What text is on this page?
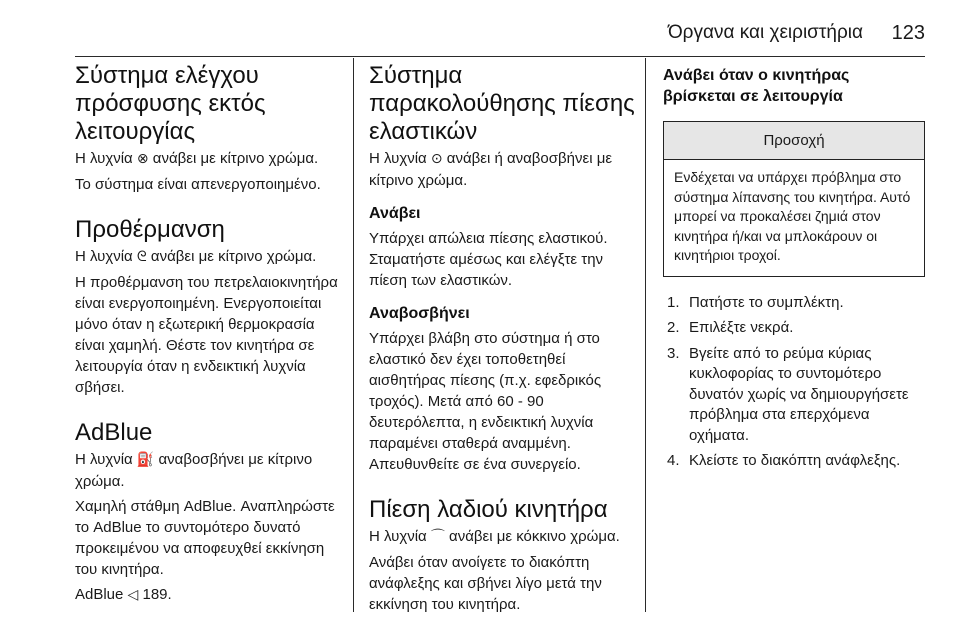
Όργανα και χειριστήρια 123
Σύστημα ελέγχου πρόσφυσης εκτός λειτουργίας

Η λυχνία ⊗ ανάβει με κίτρινο χρώμα.

Το σύστημα είναι απενεργοποιημένο.

Προθέρμανση

Η λυχνία ᘓ ανάβει με κίτρινο χρώμα.

Η προθέρμανση του πετρελαιοκινητήρα είναι ενεργοποιημένη. Ενεργοποιείται μόνο όταν η εξωτερική θερμοκρασία είναι χαμηλή. Θέστε τον κινητήρα σε λειτουργία όταν η ενδεικτική λυχνία σβήσει.

AdBlue

Η λυχνία ⛽ αναβοσβήνει με κίτρινο χρώμα.

Χαμηλή στάθμη AdBlue. Αναπληρώστε το AdBlue το συντομότερο δυνατό προκειμένου να αποφευχθεί εκκίνηση του κινητήρα.

AdBlue ◁ 189.

Σύστημα παρακολούθησης πίεσης ελαστικών

Η λυχνία ⊙ ανάβει ή αναβοσβήνει με κίτρινο χρώμα.

Ανάβει

Υπάρχει απώλεια πίεσης ελαστικού. Σταματήστε αμέσως και ελέγξτε την πίεση των ελαστικών.

Αναβοσβήνει

Υπάρχει βλάβη στο σύστημα ή στο ελαστικό δεν έχει τοποθετηθεί αισθητήρας πίεσης (π.χ. εφεδρικός τροχός). Μετά από 60 - 90 δευτερόλεπτα, η ενδεικτική λυχνία παραμένει σταθερά αναμμένη. Απευθυνθείτε σε ένα συνεργείο.

Πίεση λαδιού κινητήρα

Η λυχνία ⌒ ανάβει με κόκκινο χρώμα.

Ανάβει όταν ανοίγετε το διακόπτη ανάφλεξης και σβήνει λίγο μετά την εκκίνηση του κινητήρα.

Ανάβει όταν ο κινητήρας βρίσκεται σε λειτουργία
Προσοχή
Ενδέχεται να υπάρχει πρόβλημα στο σύστημα λίπανσης του κινητήρα. Αυτό μπορεί να προκαλέσει ζημιά στον κινητήρα ή/και να μπλοκάρουν οι κινητήριοι τροχοί.
1. Πατήστε το συμπλέκτη.
2. Επιλέξτε νεκρά.
3. Βγείτε από το ρεύμα κύριας κυκλοφορίας το συντομότερο δυνατόν χωρίς να δημιουργήσετε πρόβλημα στα επερχόμενα οχήματα.
4. Κλείστε το διακόπτη ανάφλεξης.
